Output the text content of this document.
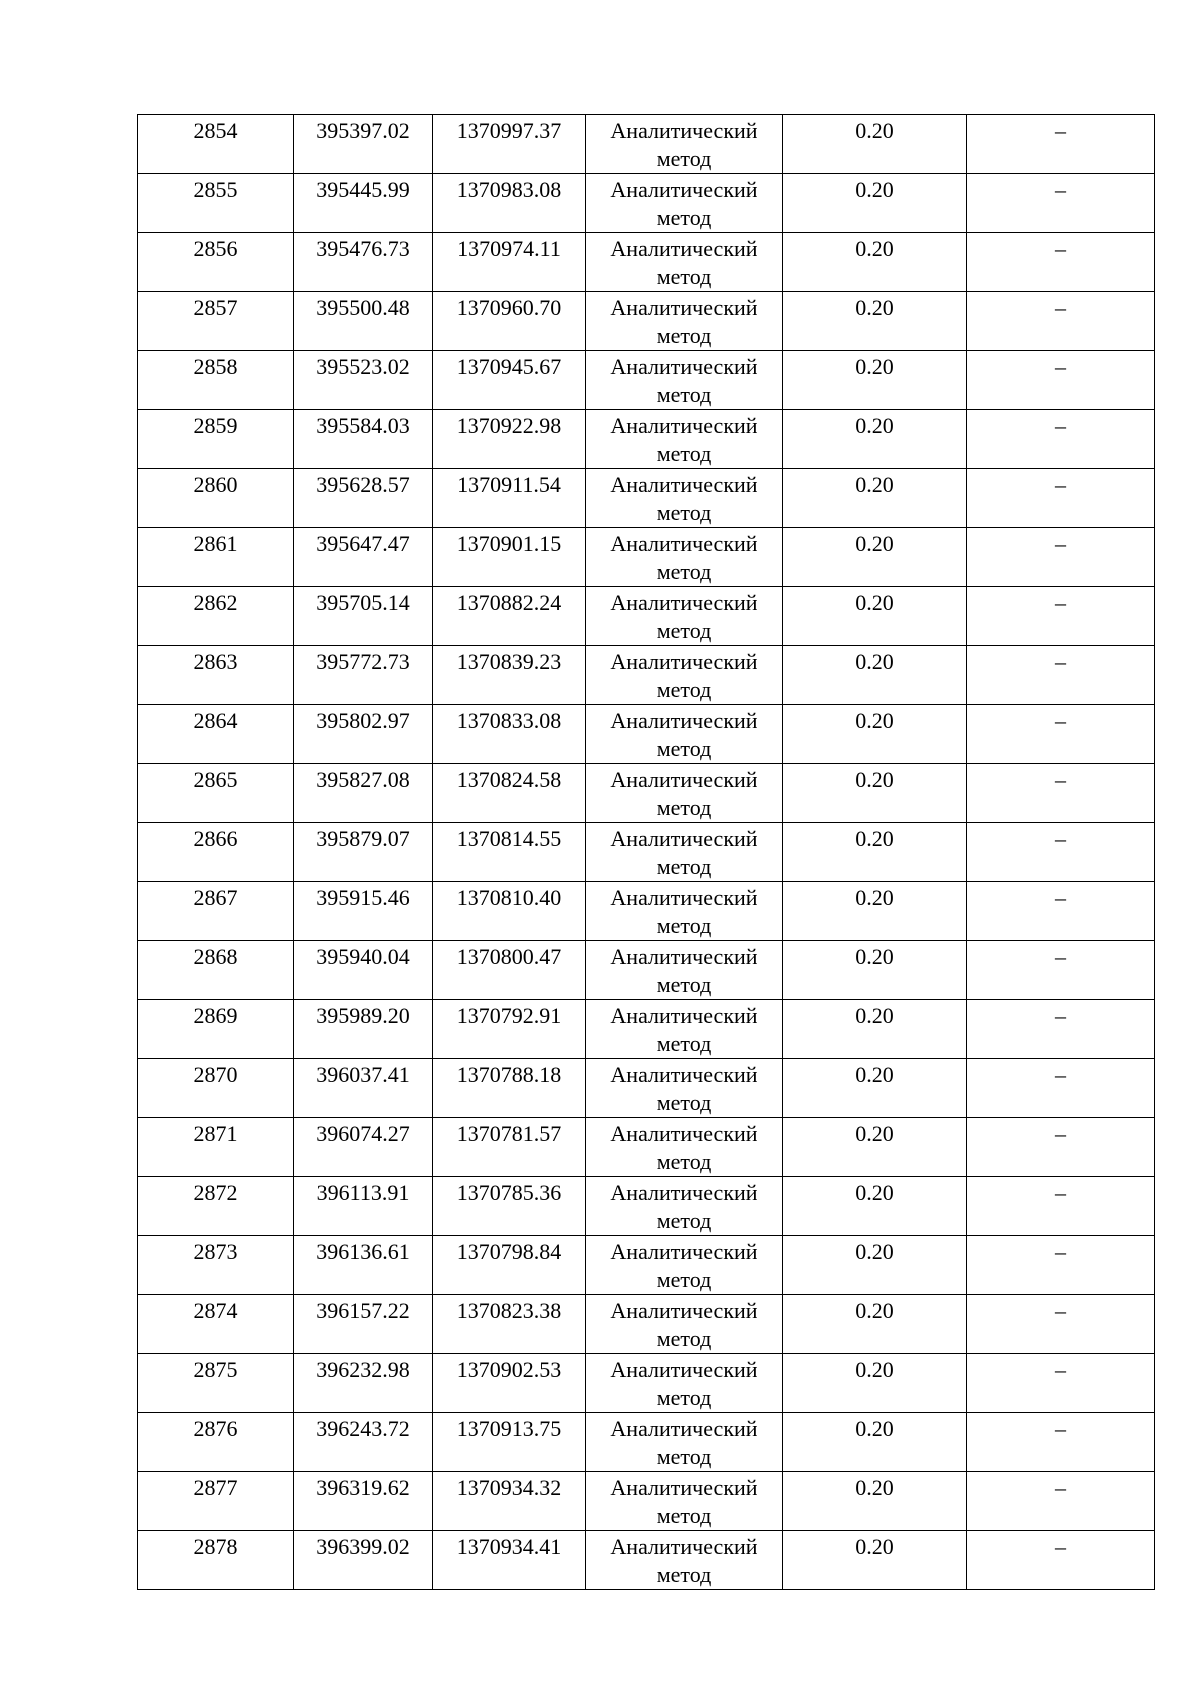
2854	395397.02	1370997.37	Аналитический метод	0.20	–

2855	395445.99	1370983.08	Аналитический метод	0.20	–

2856	395476.73	1370974.11	Аналитический метод	0.20	–

2857	395500.48	1370960.70	Аналитический метод	0.20	–

2858	395523.02	1370945.67	Аналитический метод	0.20	–

2859	395584.03	1370922.98	Аналитический метод	0.20	–

2860	395628.57	1370911.54	Аналитический метод	0.20	–

2861	395647.47	1370901.15	Аналитический метод	0.20	–

2862	395705.14	1370882.24	Аналитический метод	0.20	–

2863	395772.73	1370839.23	Аналитический метод	0.20	–

2864	395802.97	1370833.08	Аналитический метод	0.20	–

2865	395827.08	1370824.58	Аналитический метод	0.20	–

2866	395879.07	1370814.55	Аналитический метод	0.20	–

2867	395915.46	1370810.40	Аналитический метод	0.20	–

2868	395940.04	1370800.47	Аналитический метод	0.20	–

2869	395989.20	1370792.91	Аналитический метод	0.20	–

2870	396037.41	1370788.18	Аналитический метод	0.20	–

2871	396074.27	1370781.57	Аналитический метод	0.20	–

2872	396113.91	1370785.36	Аналитический метод	0.20	–

2873	396136.61	1370798.84	Аналитический метод	0.20	–

2874	396157.22	1370823.38	Аналитический метод	0.20	–

2875	396232.98	1370902.53	Аналитический метод	0.20	–

2876	396243.72	1370913.75	Аналитический метод	0.20	–

2877	396319.62	1370934.32	Аналитический метод	0.20	–

2878	396399.02	1370934.41	Аналитический метод	0.20	–
